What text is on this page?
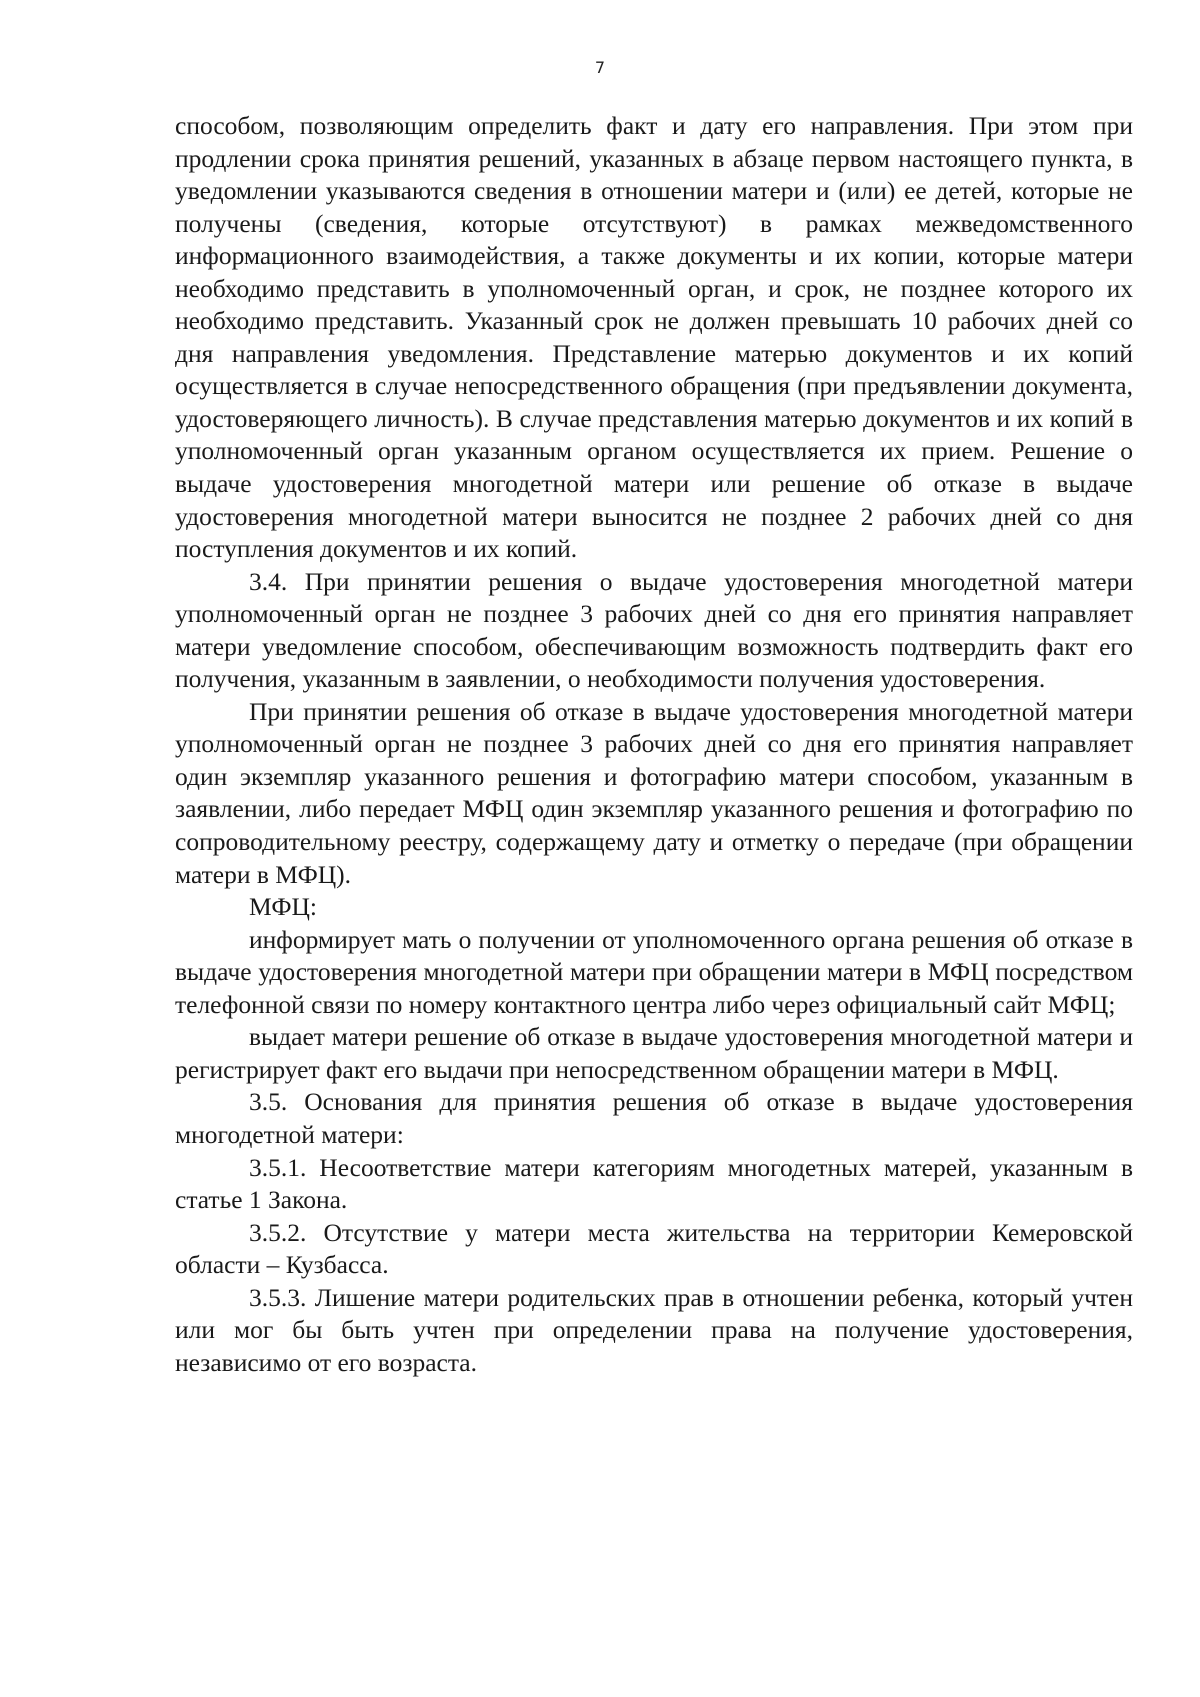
7

способом, позволяющим определить факт и дату его направления. При этом при продлении срока принятия решений, указанных в абзаце первом настоящего пункта, в уведомлении указываются сведения в отношении матери и (или) ее детей, которые не получены (сведения, которые отсутствуют) в рамках межведомственного информационного взаимодействия, а также документы и их копии, которые матери необходимо представить в уполномоченный орган, и срок, не позднее которого их необходимо представить. Указанный срок не должен превышать 10 рабочих дней со дня направления уведомления. Представление матерью документов и их копий осуществляется в случае непосредственного обращения (при предъявлении документа, удостоверяющего личность). В случае представления матерью документов и их копий в уполномоченный орган указанным органом осуществляется их прием. Решение о выдаче удостоверения многодетной матери или решение об отказе в выдаче удостоверения многодетной матери выносится не позднее 2 рабочих дней со дня поступления документов и их копий.

3.4. При принятии решения о выдаче удостоверения многодетной матери уполномоченный орган не позднее 3 рабочих дней со дня его принятия направляет матери уведомление способом, обеспечивающим возможность подтвердить факт его получения, указанным в заявлении, о необходимости получения удостоверения.

При принятии решения об отказе в выдаче удостоверения многодетной матери уполномоченный орган не позднее 3 рабочих дней со дня его принятия направляет один экземпляр указанного решения и фотографию матери способом, указанным в заявлении, либо передает МФЦ один экземпляр указанного решения и фотографию по сопроводительному реестру, содержащему дату и отметку о передаче (при обращении матери в МФЦ).

МФЦ:

информирует мать о получении от уполномоченного органа решения об отказе в выдаче удостоверения многодетной матери при обращении матери в МФЦ посредством телефонной связи по номеру контактного центра либо через официальный сайт МФЦ;

выдает матери решение об отказе в выдаче удостоверения многодетной матери и регистрирует факт его выдачи при непосредственном обращении матери в МФЦ.

3.5. Основания для принятия решения об отказе в выдаче удостоверения многодетной матери:

3.5.1. Несоответствие матери категориям многодетных матерей, указанным в статье 1 Закона.

3.5.2. Отсутствие у матери места жительства на территории Кемеровской области – Кузбасса.

3.5.3. Лишение матери родительских прав в отношении ребенка, который учтен или мог бы быть учтен при определении права на получение удостоверения, независимо от его возраста.
